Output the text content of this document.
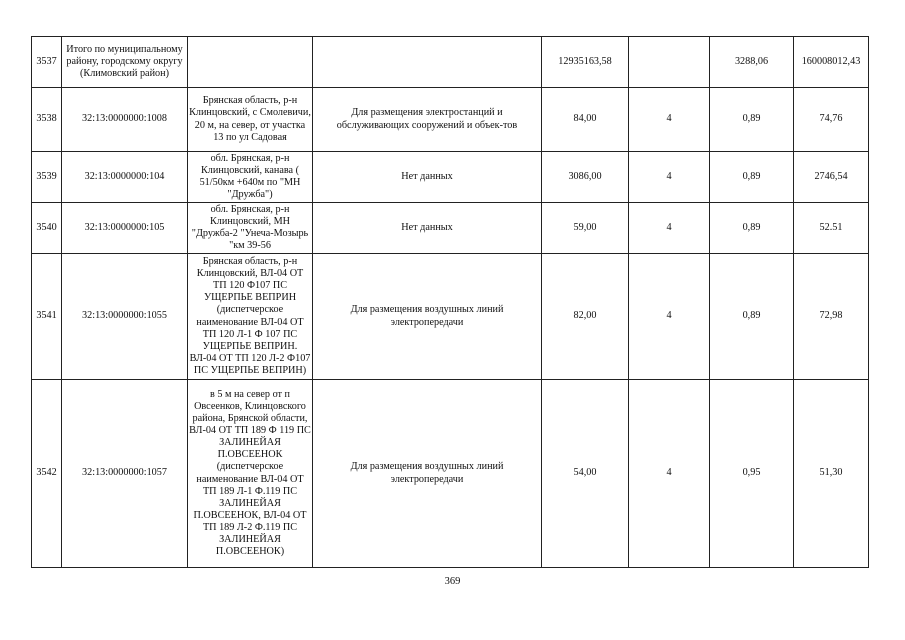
3537	Итого по муниципальному району, городскому округу (Климовский район)			12935163,58		3288,06	160008012,43
3538	32:13:0000000:1008	Брянская область, р-н Клинцовский, с Смолевичи, 20 м, на север, от участка 13 по ул Садовая	Для размещения электростанций и обслуживающих сооружений и объек-тов	84,00	4	0,89	74,76
3539	32:13:0000000:104	обл. Брянская, р-н Клинцовский, канава ( 51/50км +640м по "МН "Дружба")	Нет данных	3086,00	4	0,89	2746,54
3540	32:13:0000000:105	обл. Брянская, р-н Клинцовский, МН "Дружба-2 "Унеча-Мозырь "км 39-56	Нет данных	59,00	4	0,89	52.51
3541	32:13:0000000:1055	Брянская область, р-н Клинцовский, ВЛ-04 ОТ ТП 120 Ф107 ПС УЩЕРПЬЕ ВЕПРИН (диспетчерское наименование ВЛ-04 ОТ ТП 120 Л-1 Ф 107 ПС УЩЕРПЬЕ ВЕПРИН. ВЛ-04 ОТ ТП 120 Л-2 Ф107 ПС УЩЕРПЬЕ ВЕПРИН)	Для размещения воздушных линий электропередачи	82,00	4	0,89	72,98
3542	32:13:0000000:1057	в 5 м на север от п Овсеенков, Клинцовского района, Брянской области, ВЛ-04 ОТ ТП 189 Ф 119 ПС ЗАЛИНЕЙАЯ П.ОВСЕЕНОК (диспетчерское наименование ВЛ-04 ОТ ТП 189 Л-1 Ф.119 ПС ЗАЛИНЕЙАЯ П.ОВСЕЕНОК, ВЛ-04 ОТ ТП 189 Л-2 Ф.119 ПС ЗАЛИНЕЙАЯ П.ОВСЕЕНОК)	Для размещения воздушных линий электропередачи	54,00	4	0,95	51,30
369
